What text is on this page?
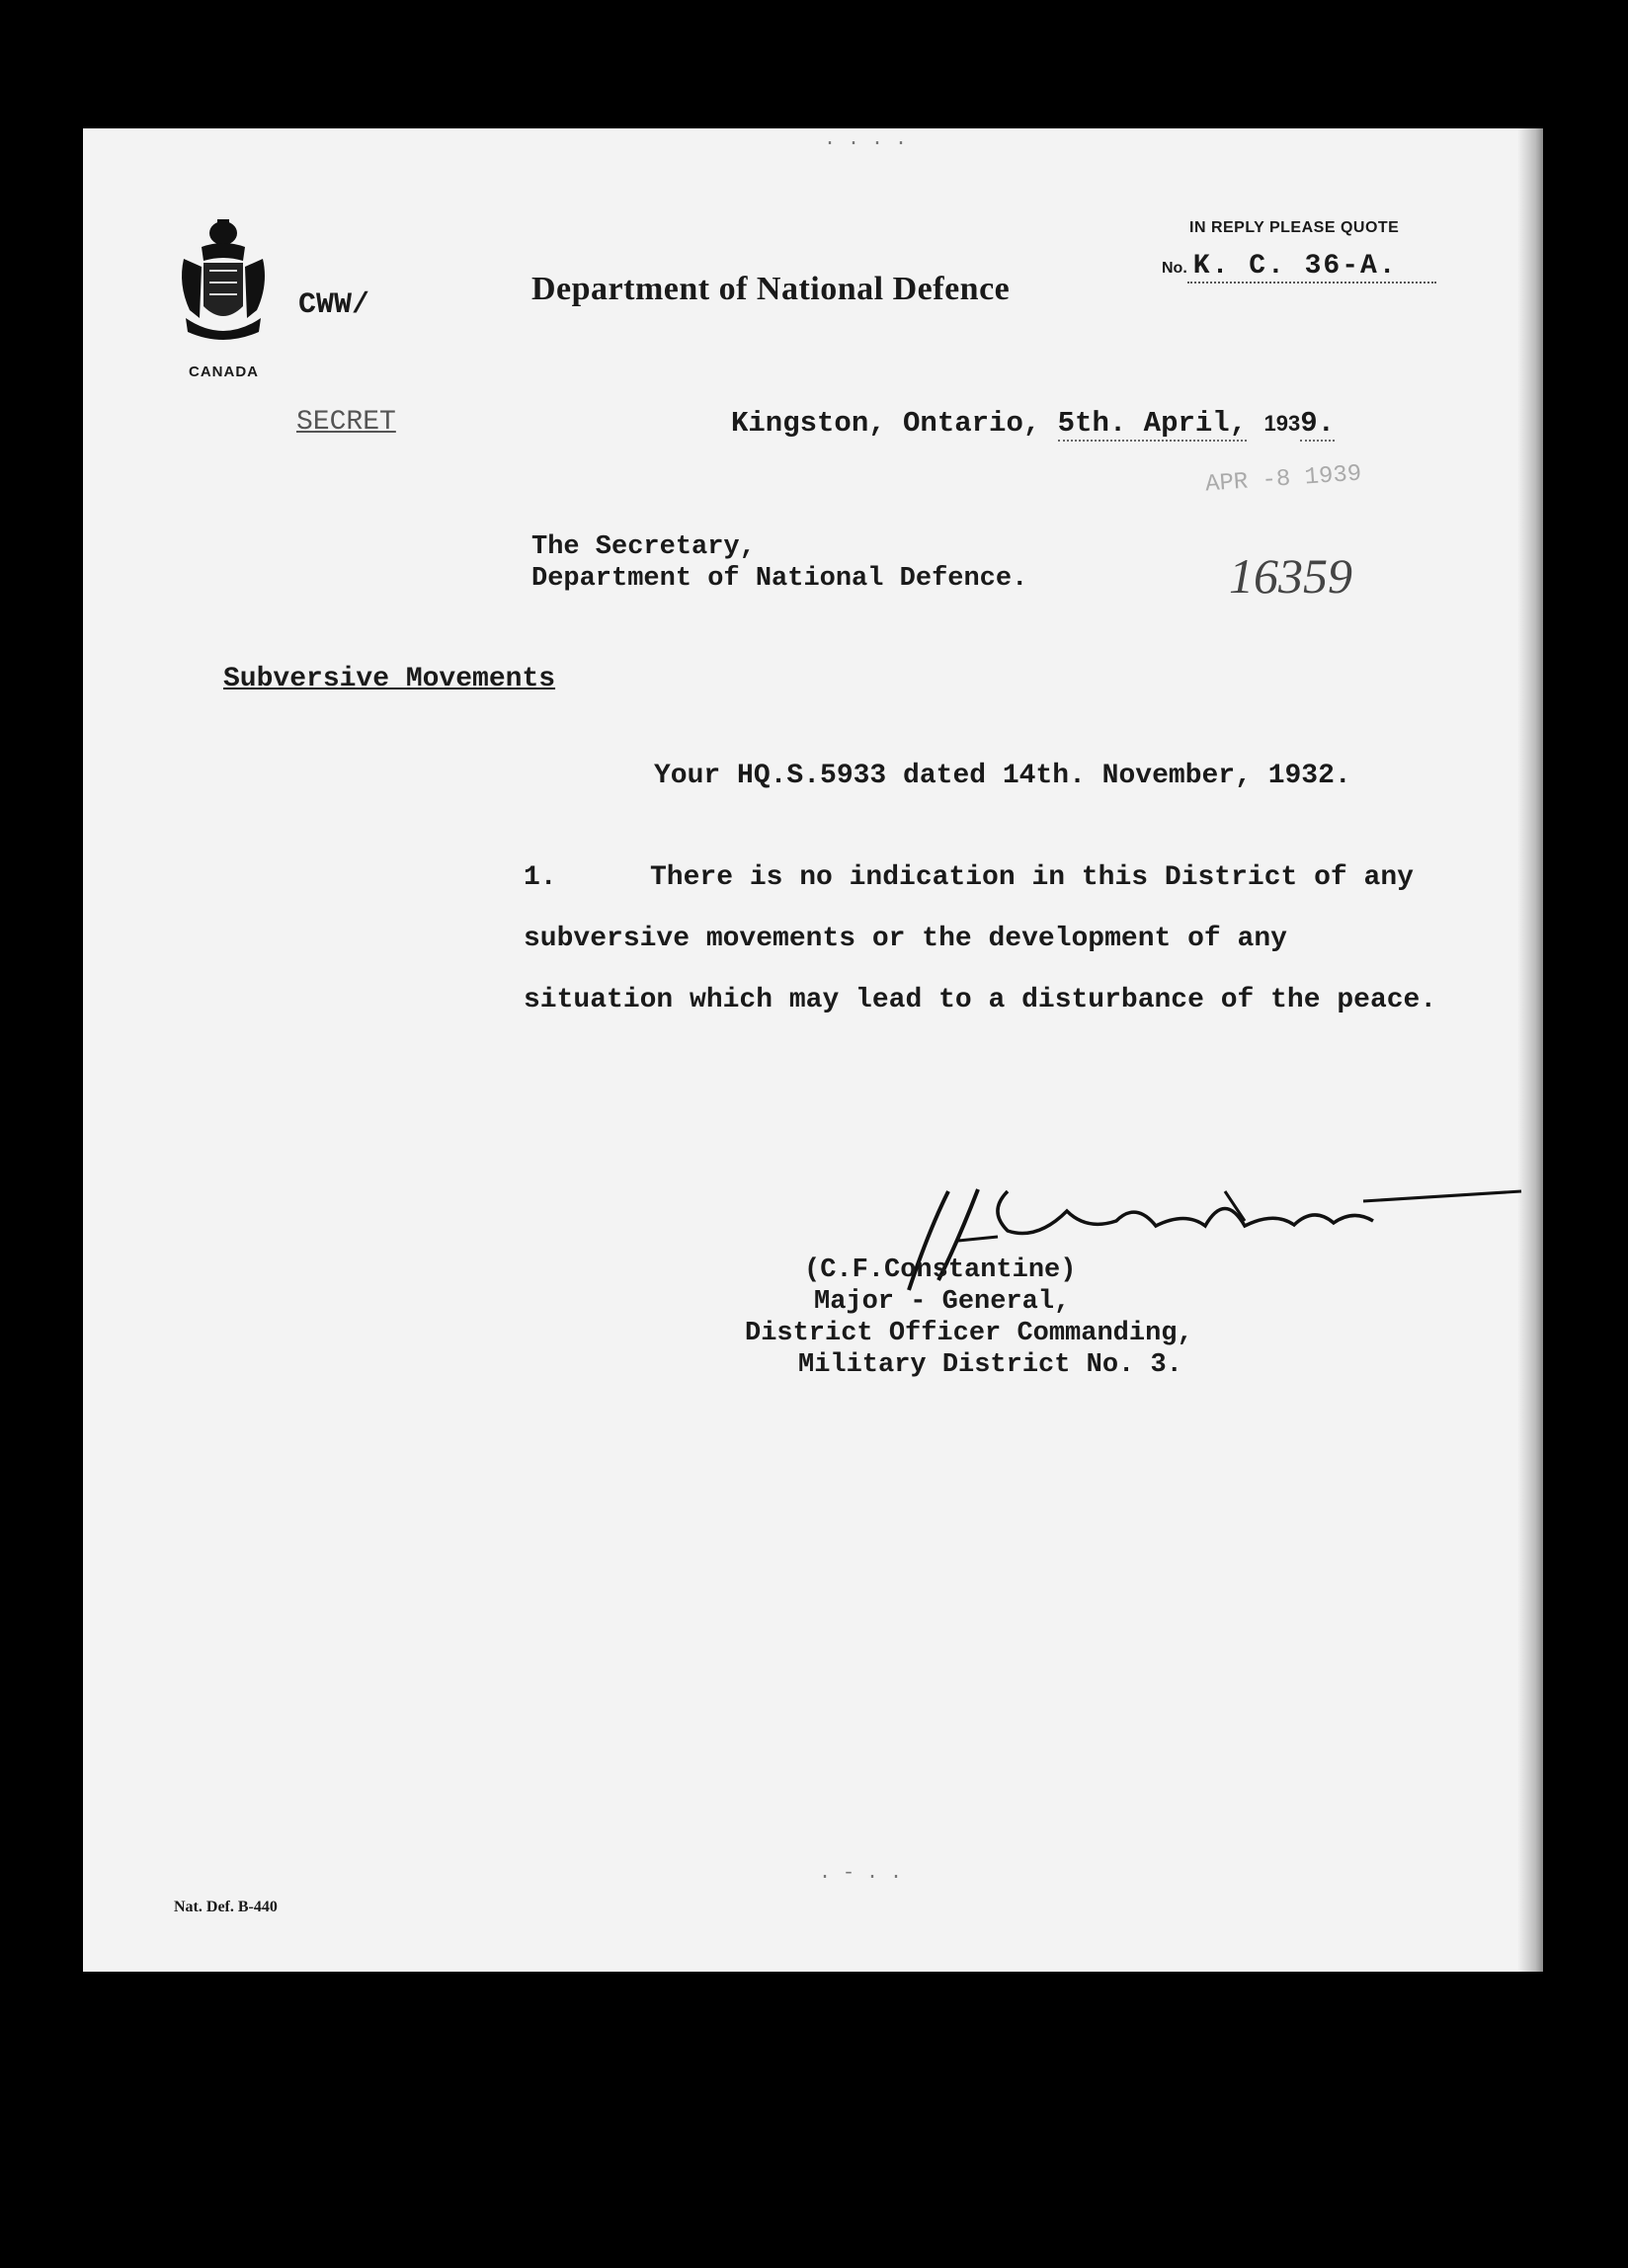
. . . .
CANADA
CWW/	Department of National Defence
IN REPLY PLEASE QUOTE
No. K. C. 36-A.
SECRET	Kingston, Ontario, 5th. April, 1939.
APR -8 1939
16359
The Secretary,
Department of National Defence.
Subversive Movements
Your HQ.S.5933 dated 14th. November, 1932.
1.	There is no indication in this District of any subversive movements or the development of any situation which may lead to a disturbance of the peace.
(C.F.Constantine)
Major - General,
District Officer Commanding,
Military District No. 3.
. - . .
Nat. Def. B-440
